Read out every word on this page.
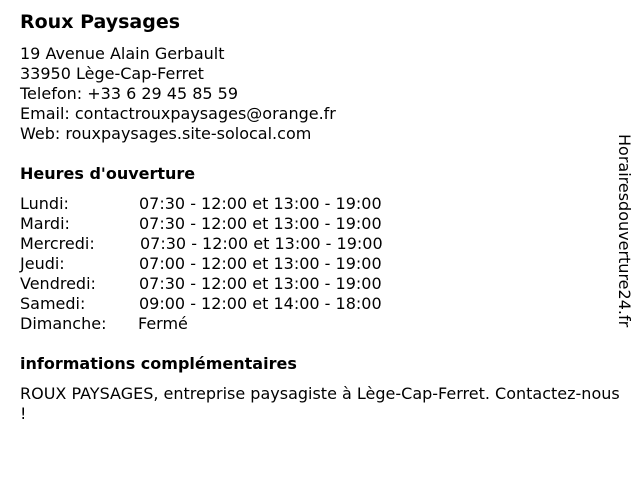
Roux Paysages
19 Avenue Alain Gerbault
33950 Lège-Cap-Ferret
Telefon: +33 6 29 45 85 59
Email: contactrouxpaysages@orange.fr
Web: rouxpaysages.site-solocal.com
Heures d'ouverture
Lundi:	07:30 - 12:00 et 13:00 - 19:00
Mardi:	07:30 - 12:00 et 13:00 - 19:00
Mercredi:	07:30 - 12:00 et 13:00 - 19:00
Jeudi:	07:00 - 12:00 et 13:00 - 19:00
Vendredi:	07:30 - 12:00 et 13:00 - 19:00
Samedi:	09:00 - 12:00 et 14:00 - 18:00
Dimanche: Fermé
informations complémentaires
ROUX PAYSAGES, entreprise paysagiste à Lège-Cap-Ferret. Contactez-nous !
Horairesdouverture24.fr
